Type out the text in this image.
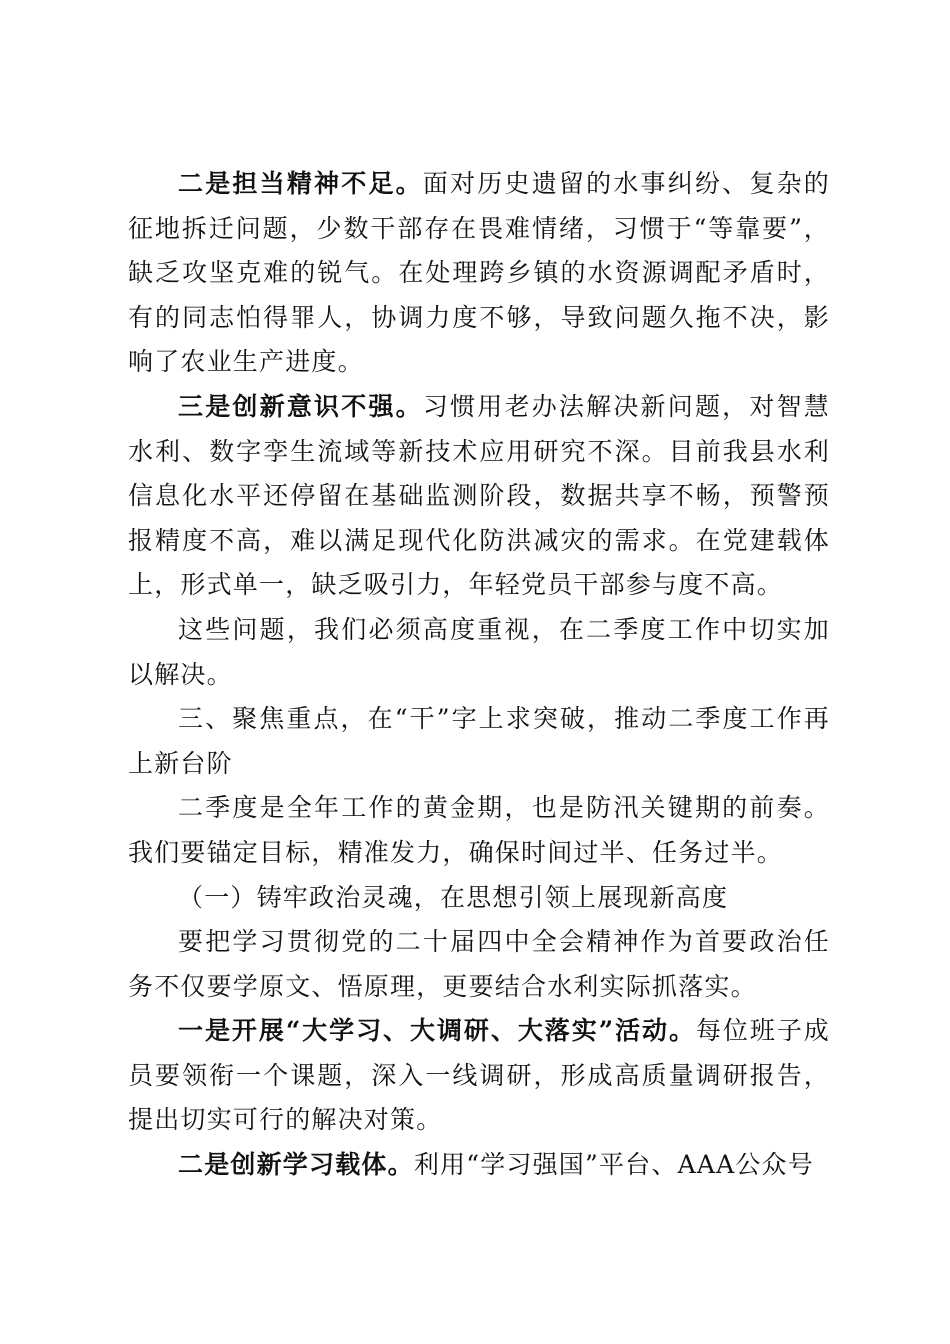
二是担当精神不足。面对历史遗留的水事纠纷、复杂的征地拆迁问题，少数干部存在畏难情绪，习惯于“等靠要”，缺乏攻坚克难的锐气。在处理跨乡镇的水资源调配矛盾时，有的同志怕得罪人，协调力度不够，导致问题久拖不决，影响了农业生产进度。

三是创新意识不强。习惯用老办法解决新问题，对智慧水利、数字孪生流域等新技术应用研究不深。目前我县水利信息化水平还停留在基础监测阶段，数据共享不畅，预警预报精度不高，难以满足现代化防洪减灾的需求。在党建载体上，形式单一，缺乏吸引力，年轻党员干部参与度不高。

这些问题，我们必须高度重视，在二季度工作中切实加以解决。

三、聚焦重点，在“干”字上求突破，推动二季度工作再上新台阶

二季度是全年工作的黄金期，也是防汛关键期的前奏。我们要锚定目标，精准发力，确保时间过半、任务过半。

（一）铸牢政治灵魂，在思想引领上展现新高度

要把学习贯彻党的二十届四中全会精神作为首要政治任务不仅要学原文、悟原理，更要结合水利实际抓落实。

一是开展“大学习、大调研、大落实”活动。每位班子成员要领衔一个课题，深入一线调研，形成高质量调研报告，提出切实可行的解决对策。

二是创新学习载体。利用“学习强国”平台、AAA公众号
